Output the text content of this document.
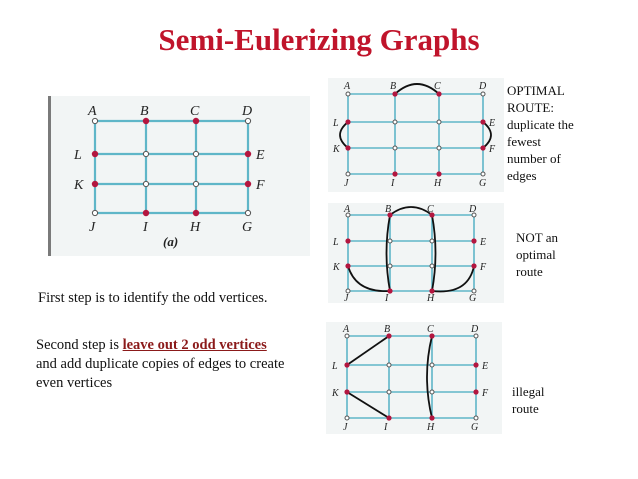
Semi-Eulerizing Graphs
A	B	C	D
L	E
K	F
J	I	H	G
(a)
A	B	C	D
L	E
K	F
J	I	H	G
A	B	C	D
L	E
K	F
J	I	H	G
A	B	C	D
L	E
K	F
J	I	H	G
OPTIMAL
ROUTE:
duplicate the
fewest
number of
edges
NOT an
optimal
route
illegal
route
First step is to identify the odd vertices.
Second step is leave out 2 odd vertices and add duplicate copies of edges to create even vertices
